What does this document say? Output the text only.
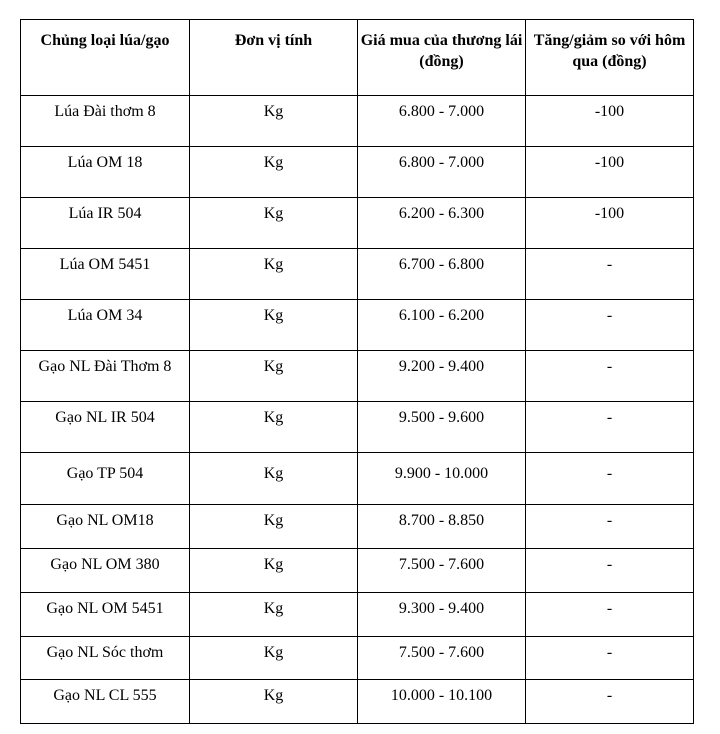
Chủng loại lúa/gạo	Đơn vị tính	Giá mua của thương lái (đồng)	Tăng/giảm so với hôm qua (đồng)
Lúa Đài thơm 8	Kg	6.800 - 7.000	-100
Lúa OM 18	Kg	6.800 - 7.000	-100
Lúa IR 504	Kg	6.200 - 6.300	-100
Lúa OM 5451	Kg	6.700 - 6.800	-
Lúa OM 34	Kg	6.100 - 6.200	-
Gạo NL Đài Thơm 8	Kg	9.200 - 9.400	-
Gạo NL IR 504	Kg	9.500 - 9.600	-
Gạo TP 504	Kg	9.900 - 10.000	-
Gạo NL OM18	Kg	8.700 - 8.850	-
Gạo NL OM 380	Kg	7.500 - 7.600	-
Gạo NL OM 5451	Kg	9.300 - 9.400	-
Gạo NL Sóc thơm	Kg	7.500 - 7.600	-
Gạo NL CL 555	Kg	10.000 - 10.100	-
